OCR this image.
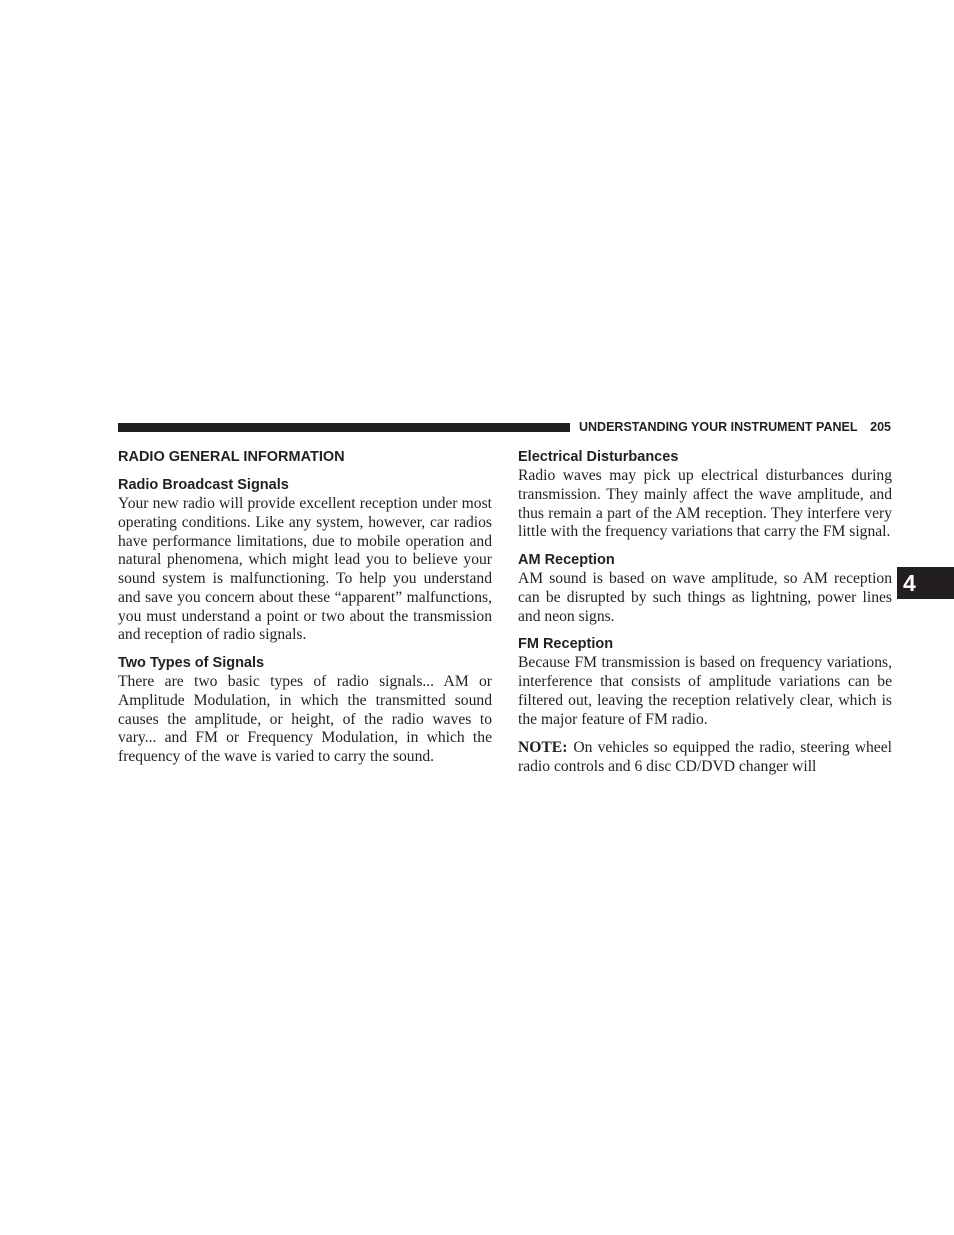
UNDERSTANDING YOUR INSTRUMENT PANEL 205
4
RADIO GENERAL INFORMATION
Radio Broadcast Signals

Your new radio will provide excellent reception under most operating conditions. Like any system, however, car radios have performance limitations, due to mobile operation and natural phenomena, which might lead you to believe your sound system is malfunctioning. To help you understand and save you concern about these “apparent” malfunctions, you must understand a point or two about the transmission and reception of radio signals.

Two Types of Signals

There are two basic types of radio signals... AM or Amplitude Modulation, in which the transmitted sound causes the amplitude, or height, of the radio waves to vary... and FM or Frequency Modulation, in which the frequency of the wave is varied to carry the sound.

Electrical Disturbances

Radio waves may pick up electrical disturbances during transmission. They mainly affect the wave amplitude, and thus remain a part of the AM reception. They interfere very little with the frequency variations that carry the FM signal.

AM Reception

AM sound is based on wave amplitude, so AM reception can be disrupted by such things as lightning, power lines and neon signs.

FM Reception

Because FM transmission is based on frequency variations, interference that consists of amplitude variations can be filtered out, leaving the reception relatively clear, which is the major feature of FM radio.

NOTE: On vehicles so equipped the radio, steering wheel radio controls and 6 disc CD/DVD changer will
